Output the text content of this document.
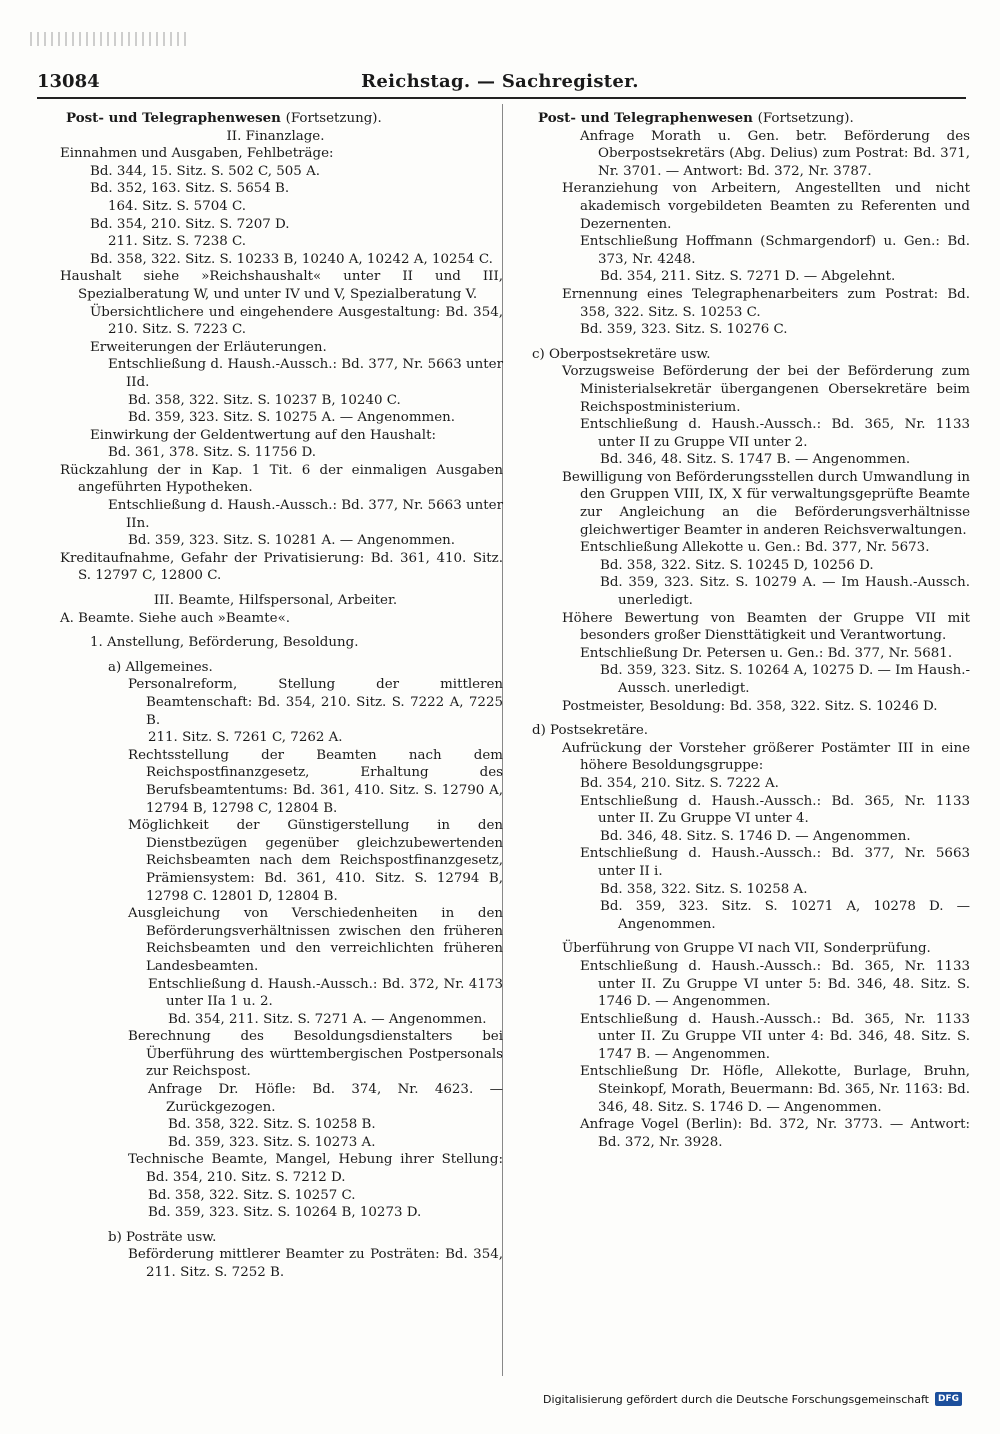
13084	Reichstag. — Sachregister.

Post- und Telegraphenwesen (Fortsetzung).

II. Finanzlage.

Einnahmen und Ausgaben, Fehlbeträge:

Bd. 344, 15. Sitz. S. 502 C, 505 A.

Bd. 352, 163. Sitz. S. 5654 B.

164. Sitz. S. 5704 C.

Bd. 354, 210. Sitz. S. 7207 D.

211. Sitz. S. 7238 C.

Bd. 358, 322. Sitz. S. 10233 B, 10240 A, 10242 A, 10254 C.

Haushalt siehe »Reichshaushalt« unter II und III, Spezialberatung W, und unter IV und V, Spezialberatung V.

Übersichtlichere und eingehendere Ausgestaltung: Bd. 354, 210. Sitz. S. 7223 C.

Erweiterungen der Erläuterungen.

Entschließung d. Haush.-Aussch.: Bd. 377, Nr. 5663 unter IId.

Bd. 358, 322. Sitz. S. 10237 B, 10240 C.

Bd. 359, 323. Sitz. S. 10275 A. — Angenommen.

Einwirkung der Geldentwertung auf den Haushalt:

Bd. 361, 378. Sitz. S. 11756 D.

Rückzahlung der in Kap. 1 Tit. 6 der einmaligen Ausgaben angeführten Hypotheken.

Entschließung d. Haush.-Aussch.: Bd. 377, Nr. 5663 unter IIn.

Bd. 359, 323. Sitz. S. 10281 A. — Angenommen.

Kreditaufnahme, Gefahr der Privatisierung: Bd. 361, 410. Sitz. S. 12797 C, 12800 C.

III. Beamte, Hilfspersonal, Arbeiter.

A. Beamte. Siehe auch »Beamte«.

1. Anstellung, Beförderung, Besoldung.

a) Allgemeines.

Personalreform, Stellung der mittleren Beamtenschaft: Bd. 354, 210. Sitz. S. 7222 A, 7225 B.

211. Sitz. S. 7261 C, 7262 A.

Rechtsstellung der Beamten nach dem Reichspostfinanzgesetz, Erhaltung des Berufsbeamtentums: Bd. 361, 410. Sitz. S. 12790 A, 12794 B, 12798 C, 12804 B.

Möglichkeit der Günstigerstellung in den Dienstbezügen gegenüber gleichzubewertenden Reichsbeamten nach dem Reichspostfinanzgesetz, Prämiensystem: Bd. 361, 410. Sitz. S. 12794 B, 12798 C. 12801 D, 12804 B.

Ausgleichung von Verschiedenheiten in den Beförderungsverhältnissen zwischen den früheren Reichsbeamten und den verreichlichten früheren Landesbeamten.

Entschließung d. Haush.-Aussch.: Bd. 372, Nr. 4173 unter IIa 1 u. 2.

Bd. 354, 211. Sitz. S. 7271 A. — Angenommen.

Berechnung des Besoldungsdienstalters bei Überführung des württembergischen Postpersonals zur Reichspost.

Anfrage Dr. Höfle: Bd. 374, Nr. 4623. — Zurückgezogen.

Bd. 358, 322. Sitz. S. 10258 B.

Bd. 359, 323. Sitz. S. 10273 A.

Technische Beamte, Mangel, Hebung ihrer Stellung: Bd. 354, 210. Sitz. S. 7212 D.

Bd. 358, 322. Sitz. S. 10257 C.

Bd. 359, 323. Sitz. S. 10264 B, 10273 D.

b) Posträte usw.

Beförderung mittlerer Beamter zu Posträten: Bd. 354, 211. Sitz. S. 7252 B.

Post- und Telegraphenwesen (Fortsetzung).

Anfrage Morath u. Gen. betr. Beförderung des Oberpostsekretärs (Abg. Delius) zum Postrat: Bd. 371, Nr. 3701. — Antwort: Bd. 372, Nr. 3787.

Heranziehung von Arbeitern, Angestellten und nicht akademisch vorgebildeten Beamten zu Referenten und Dezernenten.

Entschließung Hoffmann (Schmargendorf) u. Gen.: Bd. 373, Nr. 4248.

Bd. 354, 211. Sitz. S. 7271 D. — Abgelehnt.

Ernennung eines Telegraphenarbeiters zum Postrat: Bd. 358, 322. Sitz. S. 10253 C.

Bd. 359, 323. Sitz. S. 10276 C.

c) Oberpostsekretäre usw.

Vorzugsweise Beförderung der bei der Beförderung zum Ministerialsekretär übergangenen Obersekretäre beim Reichspostministerium.

Entschließung d. Haush.-Aussch.: Bd. 365, Nr. 1133 unter II zu Gruppe VII unter 2.

Bd. 346, 48. Sitz. S. 1747 B. — Angenommen.

Bewilligung von Beförderungsstellen durch Umwandlung in den Gruppen VIII, IX, X für verwaltungsgeprüfte Beamte zur Angleichung an die Beförderungsverhältnisse gleichwertiger Beamter in anderen Reichsverwaltungen.

Entschließung Allekotte u. Gen.: Bd. 377, Nr. 5673.

Bd. 358, 322. Sitz. S. 10245 D, 10256 D.

Bd. 359, 323. Sitz. S. 10279 A. — Im Haush.-Aussch. unerledigt.

Höhere Bewertung von Beamten der Gruppe VII mit besonders großer Diensttätigkeit und Verantwortung.

Entschließung Dr. Petersen u. Gen.: Bd. 377, Nr. 5681.

Bd. 359, 323. Sitz. S. 10264 A, 10275 D. — Im Haush.-Aussch. unerledigt.

Postmeister, Besoldung: Bd. 358, 322. Sitz. S. 10246 D.

d) Postsekretäre.

Aufrückung der Vorsteher größerer Postämter III in eine höhere Besoldungsgruppe:

Bd. 354, 210. Sitz. S. 7222 A.

Entschließung d. Haush.-Aussch.: Bd. 365, Nr. 1133 unter II. Zu Gruppe VI unter 4.

Bd. 346, 48. Sitz. S. 1746 D. — Angenommen.

Entschließung d. Haush.-Aussch.: Bd. 377, Nr. 5663 unter II i.

Bd. 358, 322. Sitz. S. 10258 A.

Bd. 359, 323. Sitz. S. 10271 A, 10278 D. — Angenommen.

Überführung von Gruppe VI nach VII, Sonderprüfung.

Entschließung d. Haush.-Aussch.: Bd. 365, Nr. 1133 unter II. Zu Gruppe VI unter 5: Bd. 346, 48. Sitz. S. 1746 D. — Angenommen.

Entschließung d. Haush.-Aussch.: Bd. 365, Nr. 1133 unter II. Zu Gruppe VII unter 4: Bd. 346, 48. Sitz. S. 1747 B. — Angenommen.

Entschließung Dr. Höfle, Allekotte, Burlage, Bruhn, Steinkopf, Morath, Beuermann: Bd. 365, Nr. 1163: Bd. 346, 48. Sitz. S. 1746 D. — Angenommen.

Anfrage Vogel (Berlin): Bd. 372, Nr. 3773. — Antwort: Bd. 372, Nr. 3928.

Digitalisierung gefördert durch die Deutsche Forschungsgemeinschaft	DFG
